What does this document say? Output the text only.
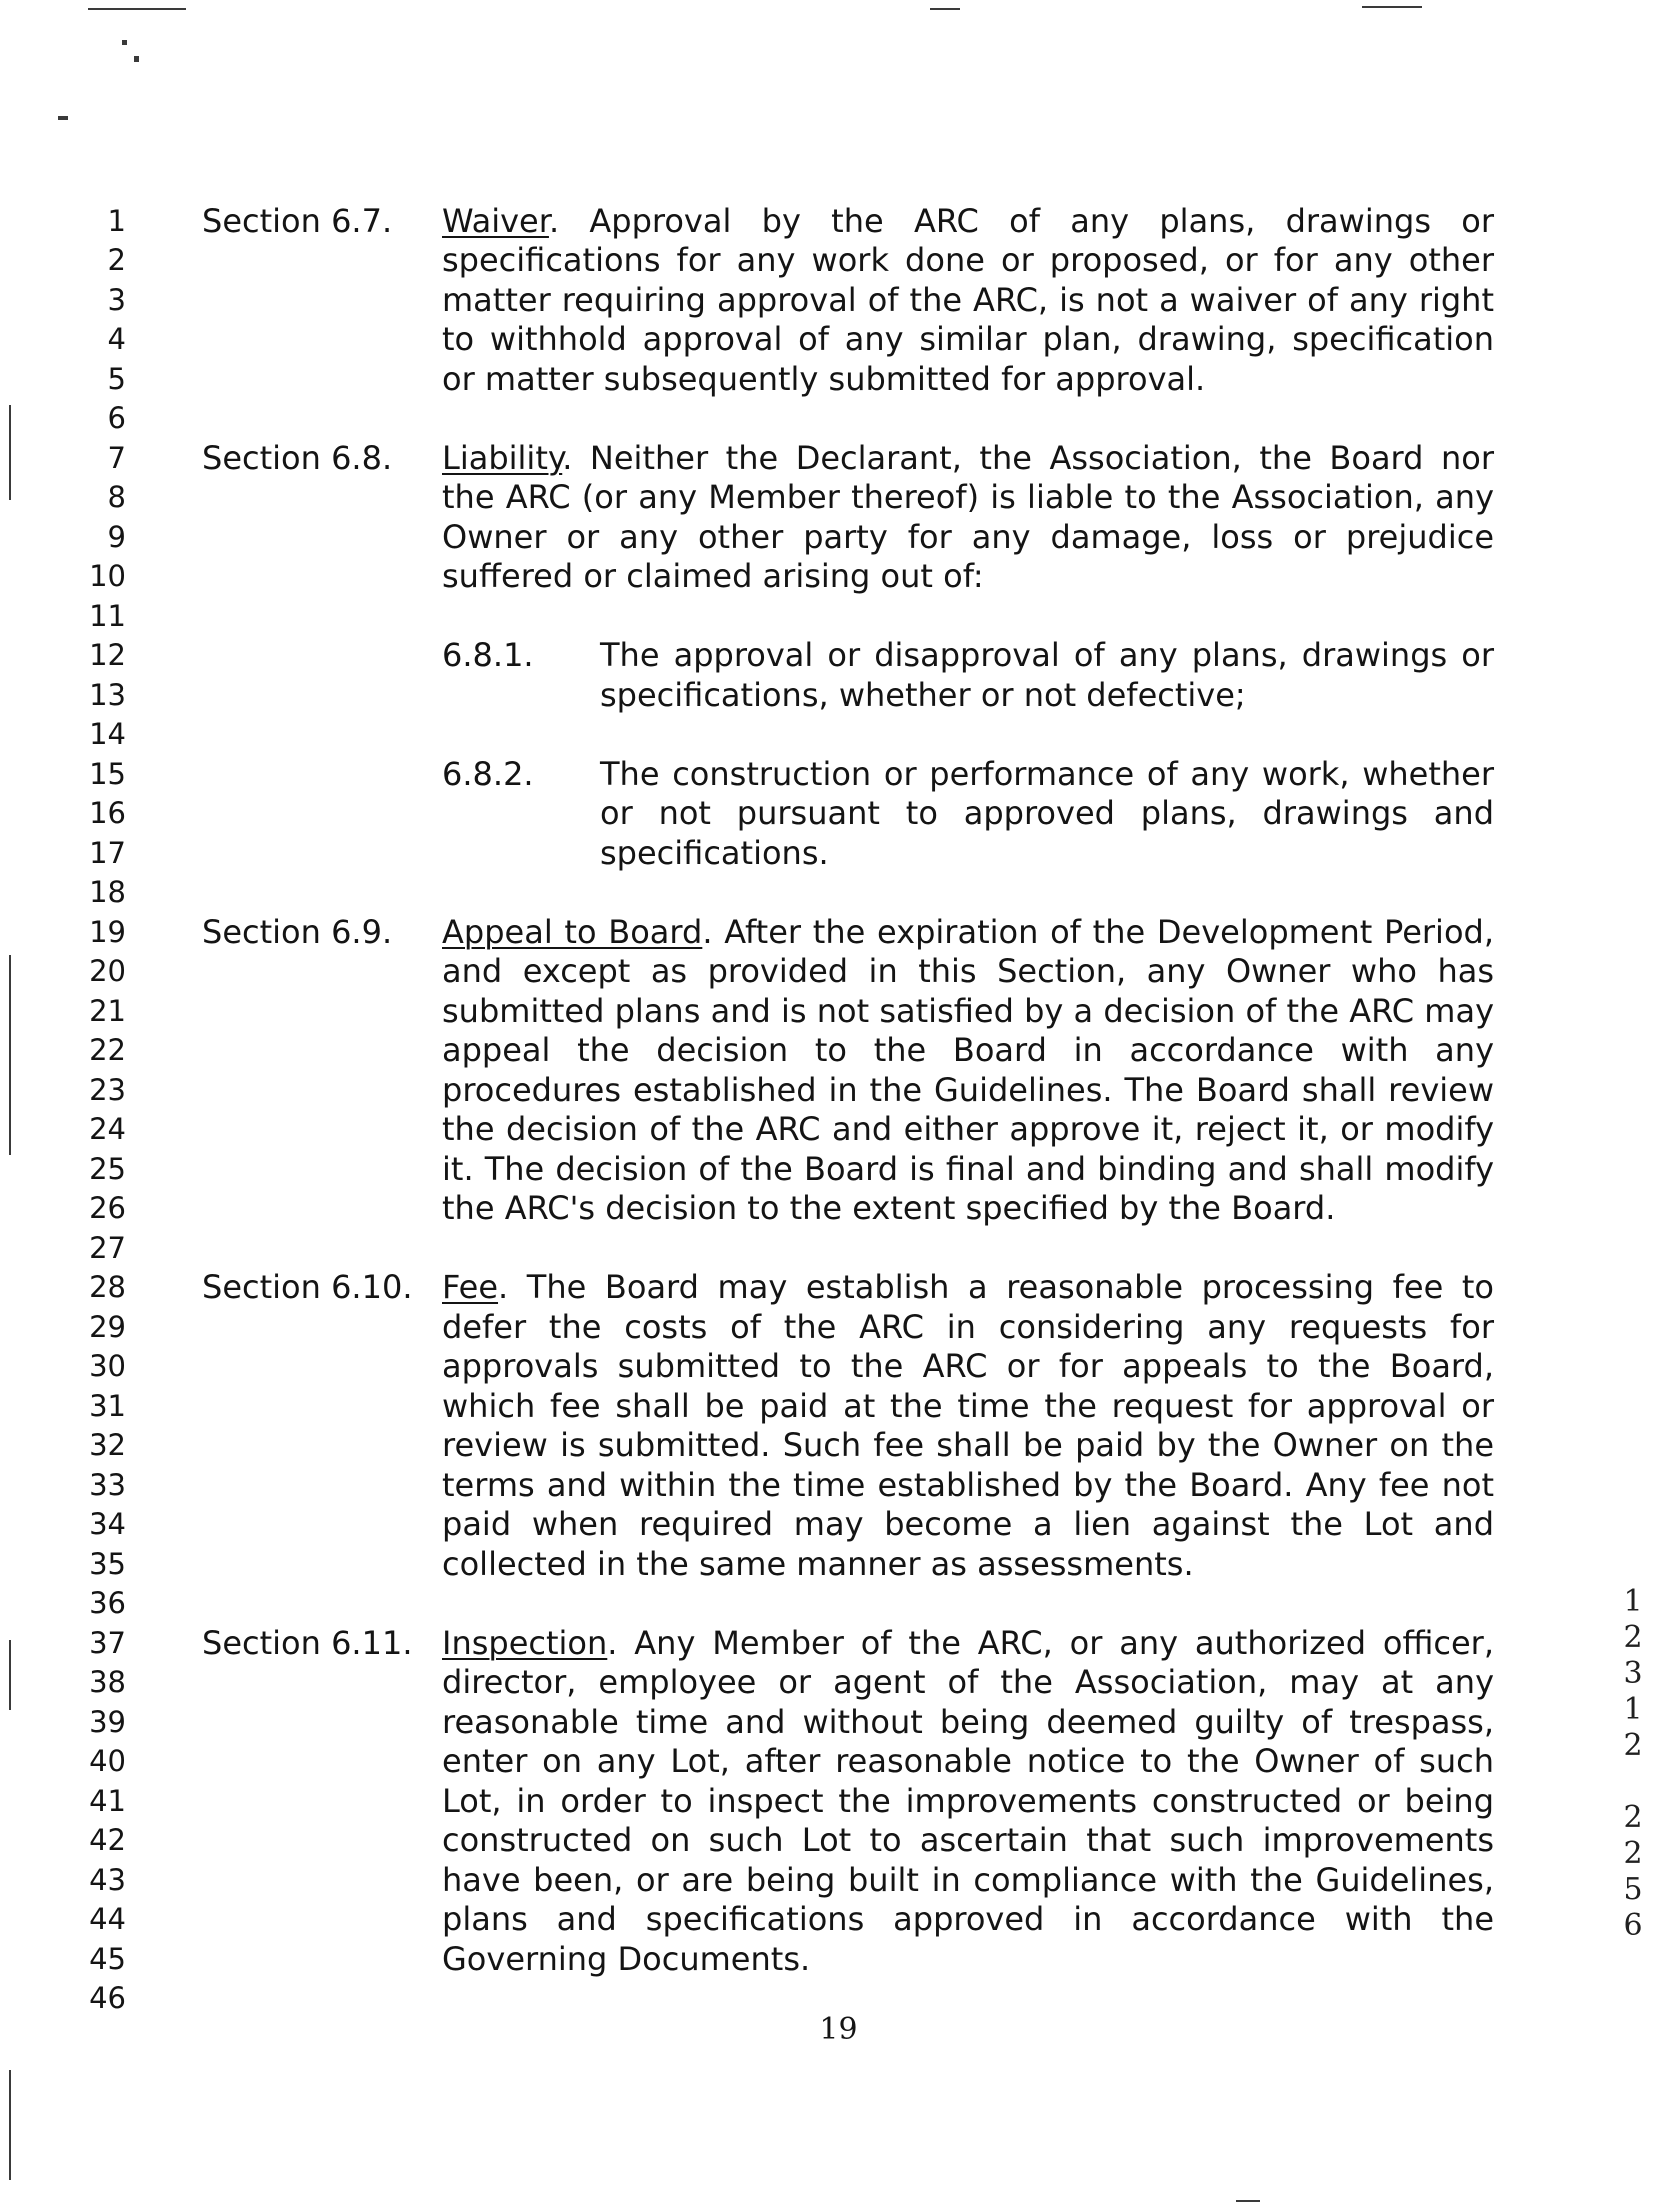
1
2
3
4
5
6
7
8
9
10
11
12
13
14
15
16
17
18
19
20
21
22
23
24
25
26
27
28
29
30
31
32
33
34
35
36
37
38
39
40
41
42
43
44
45
46
Section 6.7.	Waiver. Approval by the ARC of any plans, drawings or
specifications for any work done or proposed, or for any other
matter requiring approval of the ARC, is not a waiver of any right
to withhold approval of any similar plan, drawing, specification
or matter subsequently submitted for approval.
Section 6.8.	Liability. Neither the Declarant, the Association, the Board nor
the ARC (or any Member thereof) is liable to the Association, any
Owner or any other party for any damage, loss or prejudice
suffered or claimed arising out of:
6.8.1.	The approval or disapproval of any plans, drawings or
specifications, whether or not defective;
6.8.2.	The construction or performance of any work, whether
or not pursuant to approved plans, drawings and
specifications.
Section 6.9.	Appeal to Board. After the expiration of the Development Period,
and except as provided in this Section, any Owner who has
submitted plans and is not satisfied by a decision of the ARC may
appeal the decision to the Board in accordance with any
procedures established in the Guidelines. The Board shall review
the decision of the ARC and either approve it, reject it, or modify
it. The decision of the Board is final and binding and shall modify
the ARC's decision to the extent specified by the Board.
Section 6.10. Fee. The Board may establish a reasonable processing fee to
defer the costs of the ARC in considering any requests for
approvals submitted to the ARC or for appeals to the Board,
which fee shall be paid at the time the request for approval or
review is submitted. Such fee shall be paid by the Owner on the
terms and within the time established by the Board. Any fee not
paid when required may become a lien against the Lot and
collected in the same manner as assessments.
Section 6.11. Inspection. Any Member of the ARC, or any authorized officer,
director, employee or agent of the Association, may at any
reasonable time and without being deemed guilty of trespass,
enter on any Lot, after reasonable notice to the Owner of such
Lot, in order to inspect the improvements constructed or being
constructed on such Lot to ascertain that such improvements
have been, or are being built in compliance with the Guidelines,
plans and specifications approved in accordance with the
Governing Documents.
1
2
3
1
2
2
2
5
6
19
